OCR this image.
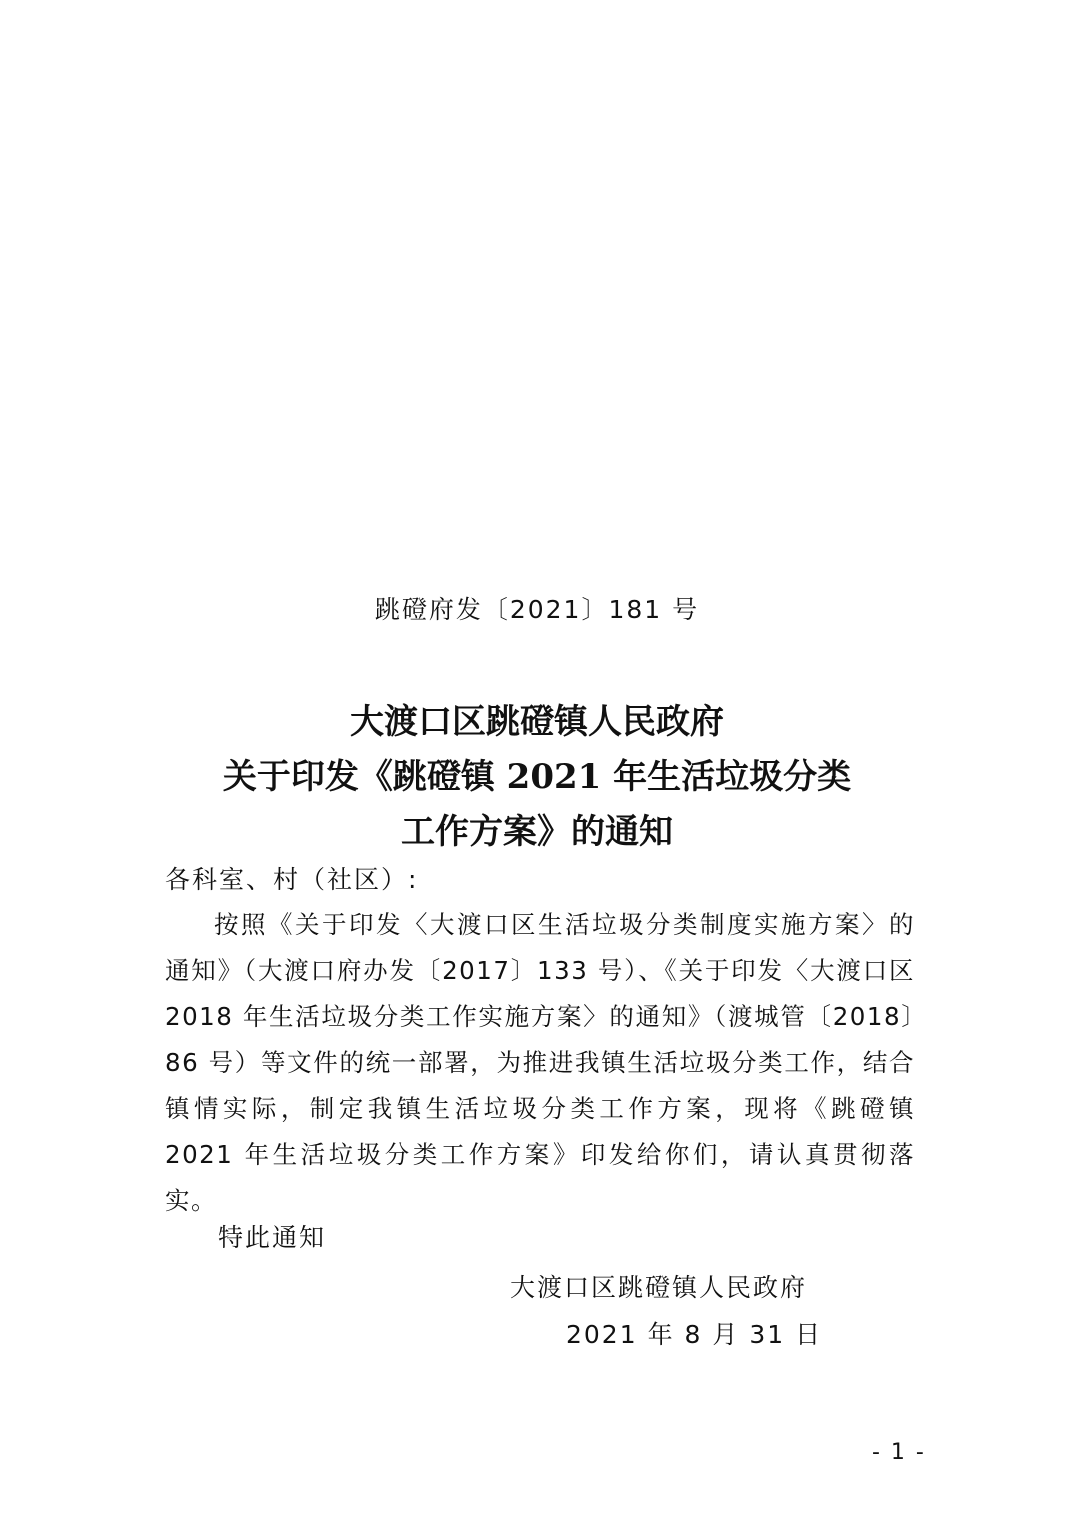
跳磴府发〔2021〕181 号
大渡口区跳磴镇人民政府
关于印发《跳磴镇 2021 年生活垃圾分类
工作方案》的通知
各科室、村（社区）:
按照《关于印发〈大渡口区生活垃圾分类制度实施方案〉的通知》（大渡口府办发〔2017〕133 号）、《关于印发〈大渡口区 2018 年生活垃圾分类工作实施方案〉的通知》（渡城管〔2018〕86 号）等文件的统一部署，为推进我镇生活垃圾分类工作，结合镇情实际，制定我镇生活垃圾分类工作方案，现将《跳磴镇 2021 年生活垃圾分类工作方案》印发给你们，请认真贯彻落实。
特此通知
大渡口区跳磴镇人民政府
2021 年 8 月 31 日
- 1 -
